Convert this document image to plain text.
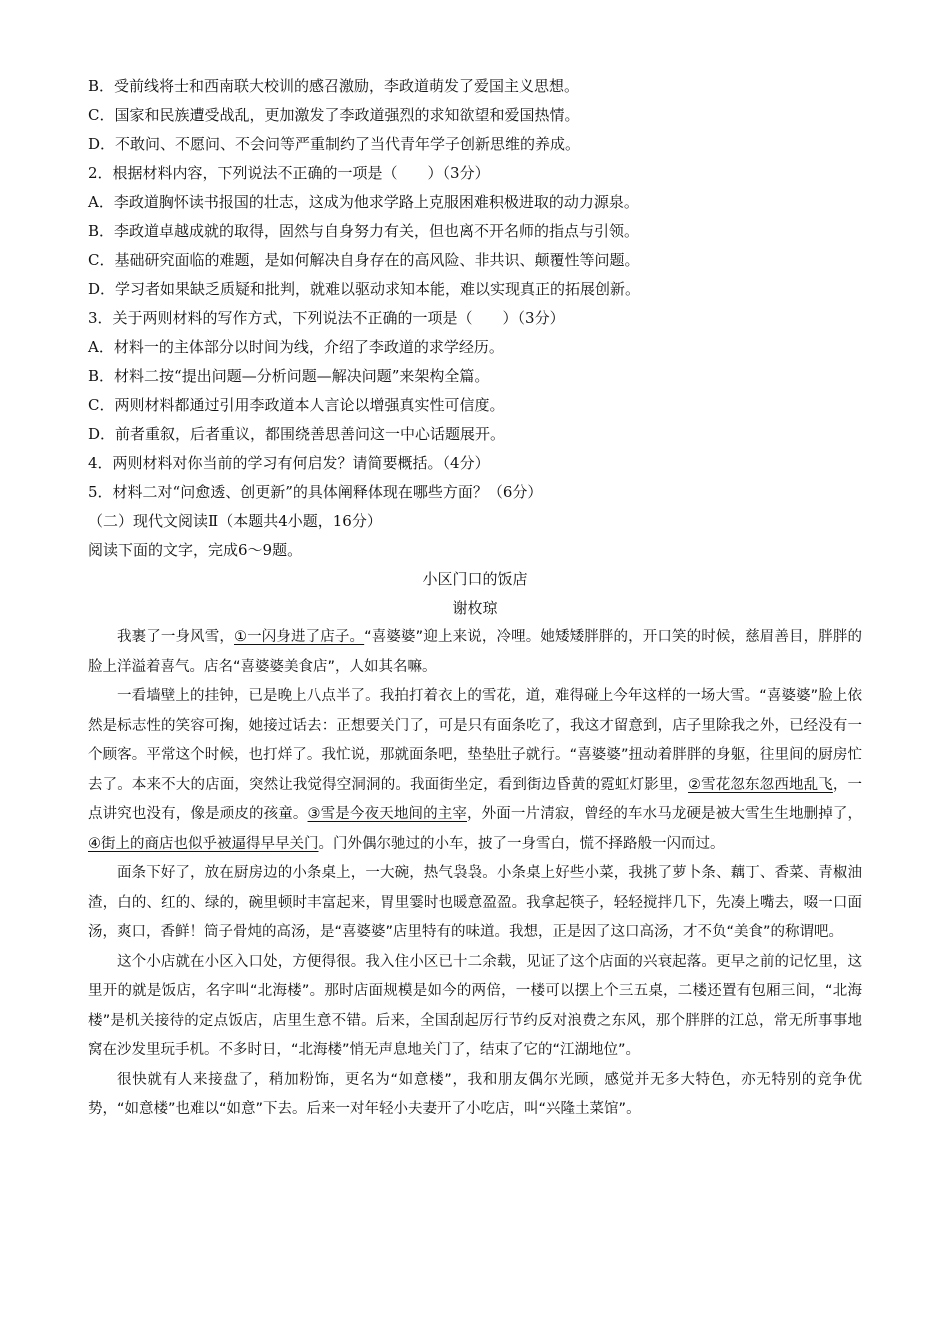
B．受前线将士和西南联大校训的感召激励，李政道萌发了爱国主义思想。
C．国家和民族遭受战乱，更加激发了李政道强烈的求知欲望和爱国热情。
D．不敢问、不愿问、不会问等严重制约了当代青年学子创新思维的养成。
2．根据材料内容，下列说法不正确的一项是（　　）（3分）
A．李政道胸怀读书报国的壮志，这成为他求学路上克服困难积极进取的动力源泉。
B．李政道卓越成就的取得，固然与自身努力有关，但也离不开名师的指点与引领。
C．基础研究面临的难题，是如何解决自身存在的高风险、非共识、颠覆性等问题。
D．学习者如果缺乏质疑和批判，就难以驱动求知本能，难以实现真正的拓展创新。
3．关于两则材料的写作方式，下列说法不正确的一项是（　　）（3分）
A．材料一的主体部分以时间为线，介绍了李政道的求学经历。
B．材料二按“提出问题—分析问题—解决问题”来架构全篇。
C．两则材料都通过引用李政道本人言论以增强真实性可信度。
D．前者重叙，后者重议，都围绕善思善问这一中心话题展开。
4．两则材料对你当前的学习有何启发？请简要概括。（4分）
5．材料二对“问愈透、创更新”的具体阐释体现在哪些方面？（6分）
（二）现代文阅读Ⅱ（本题共4小题，16分）
阅读下面的文字，完成6～9题。
小区门口的饭店
谢枚琼
我裹了一身风雪，①一闪身进了店子。“喜婆婆”迎上来说，冷哩。她矮矮胖胖的，开口笑的时候，慈眉善目，胖胖的脸上洋溢着喜气。店名“喜婆婆美食店”，人如其名嘛。
一看墙壁上的挂钟，已是晚上八点半了。我拍打着衣上的雪花，道，难得碰上今年这样的一场大雪。“喜婆婆”脸上依然是标志性的笑容可掬，她接过话去：正想要关门了，可是只有面条吃了，我这才留意到，店子里除我之外，已经没有一个顾客。平常这个时候，也打烊了。我忙说，那就面条吧，垫垫肚子就行。“喜婆婆”扭动着胖胖的身躯，往里间的厨房忙去了。本来不大的店面，突然让我觉得空洞洞的。我面街坐定，看到街边昏黄的霓虹灯影里，②雪花忽东忽西地乱飞，一点讲究也没有，像是顽皮的孩童。③雪是今夜天地间的主宰，外面一片清寂，曾经的车水马龙硬是被大雪生生地删掉了，④街上的商店也似乎被逼得早早关门。门外偶尔驰过的小车，披了一身雪白，慌不择路般一闪而过。
面条下好了，放在厨房边的小条桌上，一大碗，热气袅袅。小条桌上好些小菜，我挑了萝卜条、藕丁、香菜、青椒油渣，白的、红的、绿的，碗里顿时丰富起来，胃里霎时也暖意盈盈。我拿起筷子，轻轻搅拌几下，先凑上嘴去，啜一口面汤，爽口，香鲜！筒子骨炖的高汤，是“喜婆婆”店里特有的味道。我想，正是因了这口高汤，才不负“美食”的称谓吧。
这个小店就在小区入口处，方便得很。我入住小区已十二余载，见证了这个店面的兴衰起落。更早之前的记忆里，这里开的就是饭店，名字叫“北海楼”。那时店面规模是如今的两倍，一楼可以摆上个三五桌，二楼还置有包厢三间，“北海楼”是机关接待的定点饭店，店里生意不错。后来，全国刮起厉行节约反对浪费之东风，那个胖胖的江总，常无所事事地窝在沙发里玩手机。不多时日，“北海楼”悄无声息地关门了，结束了它的“江湖地位”。
很快就有人来接盘了，稍加粉饰，更名为“如意楼”，我和朋友偶尔光顾，感觉并无多大特色，亦无特别的竞争优势，“如意楼”也难以“如意”下去。后来一对年轻小夫妻开了小吃店，叫“兴隆土菜馆”。
